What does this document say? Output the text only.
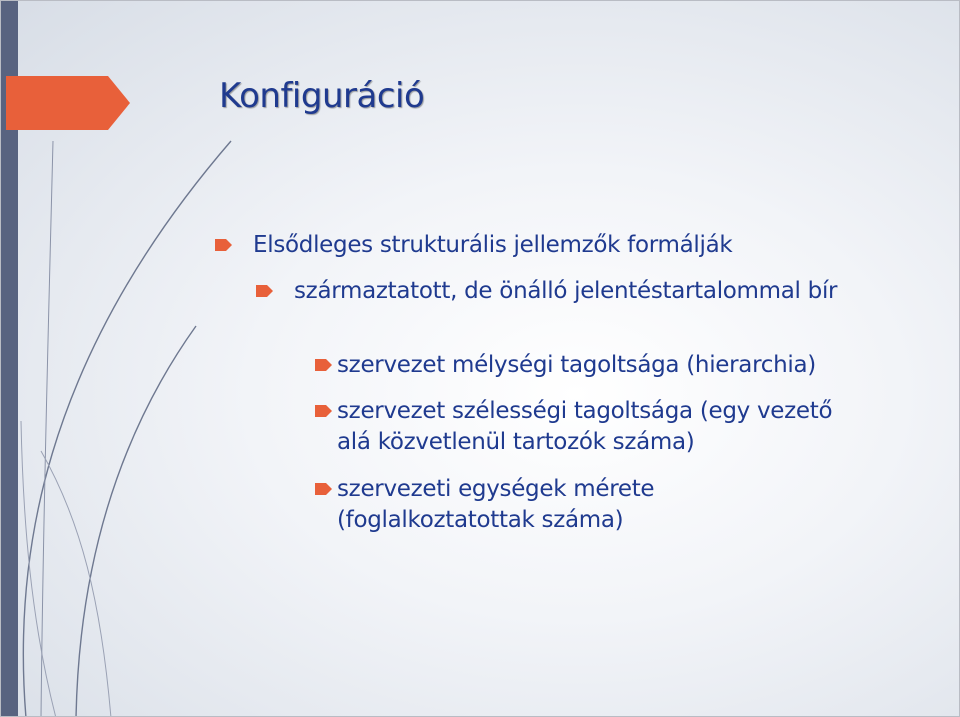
Konfiguráció
Elsődleges strukturális jellemzők formálják
származtatott, de önálló jelentéstartalommal bír
szervezet mélységi tagoltsága (hierarchia)
szervezet szélességi tagoltsága (egy vezető alá közvetlenül tartozók száma)
szervezeti egységek mérete (foglalkoztatottak száma)
